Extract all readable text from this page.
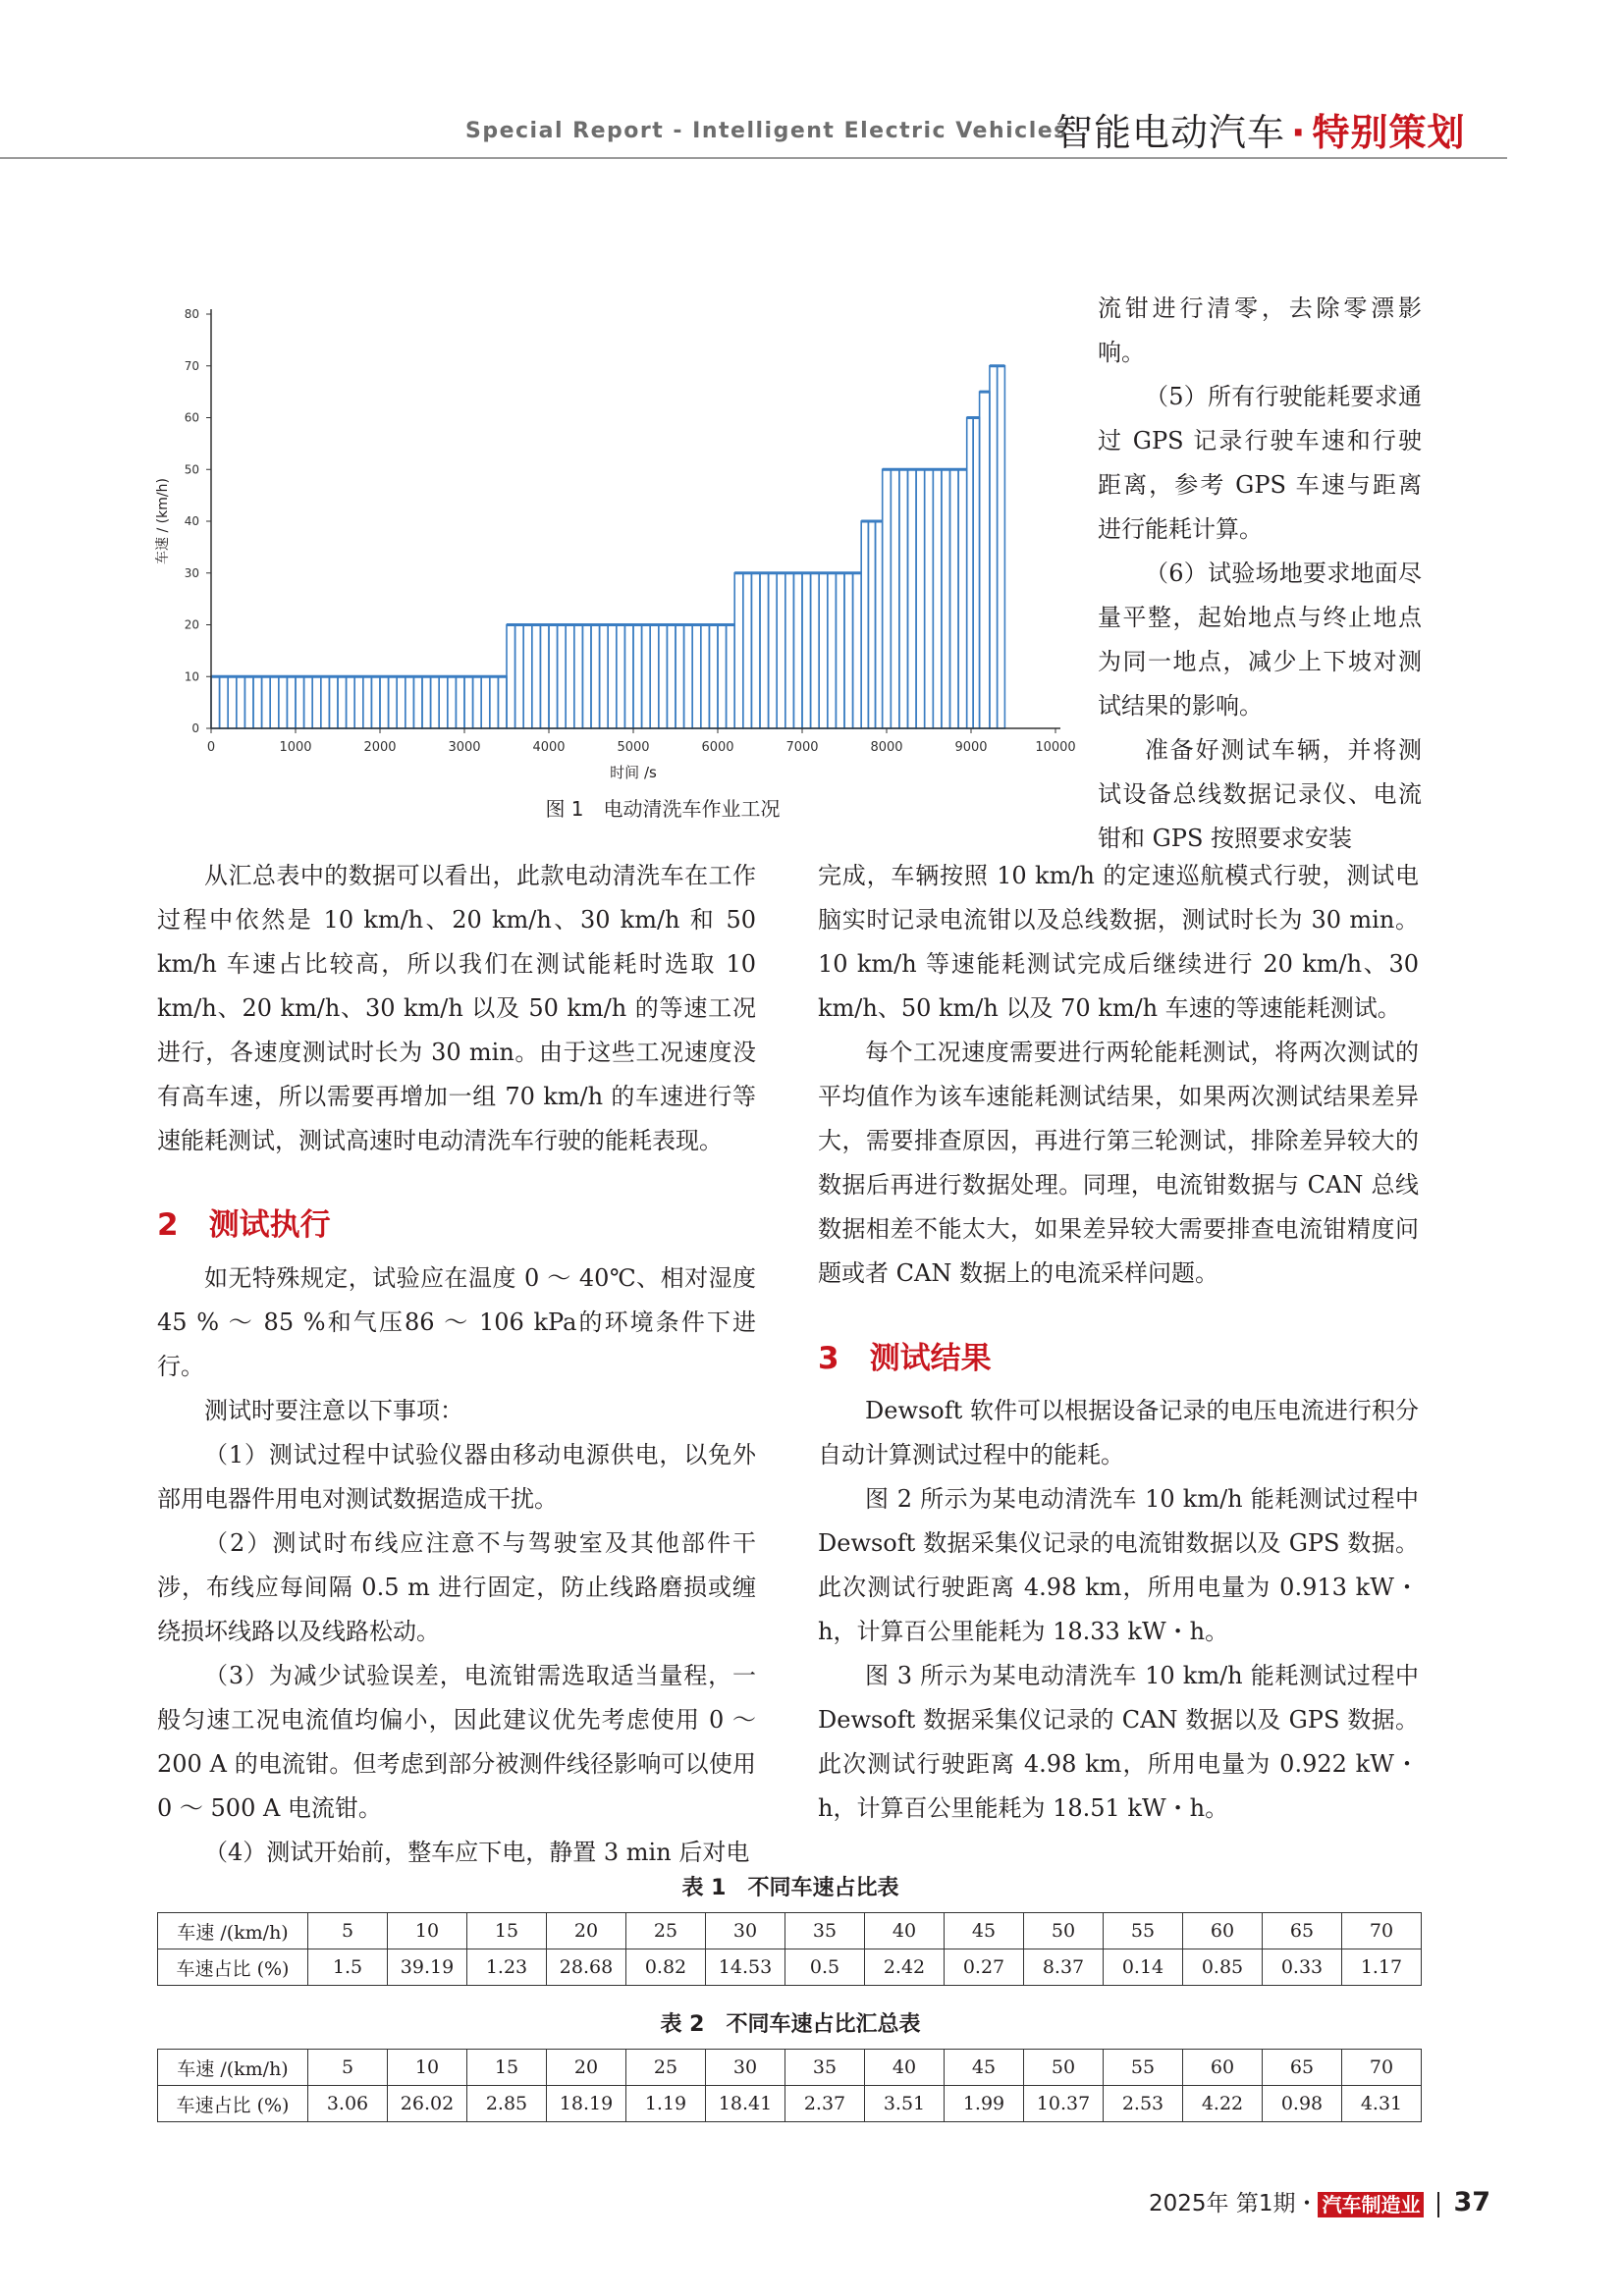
Special Report - Intelligent Electric Vehicles
智能电动汽车 · 特别策划
0	1000	2000	3000	4000	5000	6000	7000	8000	9000	10000
0
10
20
30
40
50
60
70
80
时间 /s
车速 / (km/h)
图 1　电动清洗车作业工况

流钳进行清零，去除零漂影响。

（5）所有行驶能耗要求通过 GPS 记录行驶车速和行驶距离，参考 GPS 车速与距离进行能耗计算。

（6）试验场地要求地面尽量平整，起始地点与终止地点为同一地点，减少上下坡对测试结果的影响。

准备好测试车辆，并将测试设备总线数据记录仪、电流钳和 GPS 按照要求安装

从汇总表中的数据可以看出，此款电动清洗车在工作过程中依然是 10 km/h、20 km/h、30 km/h 和 50 km/h 车速占比较高，所以我们在测试能耗时选取 10 km/h、20 km/h、30 km/h 以及 50 km/h 的等速工况进行，各速度测试时长为 30 min。由于这些工况速度没有高车速，所以需要再增加一组 70 km/h 的车速进行等速能耗测试，测试高速时电动清洗车行驶的能耗表现。

2　测试执行

如无特殊规定，试验应在温度 0 ～ 40℃、相对湿度45 % ～ 85 %和气压86 ～ 106 kPa的环境条件下进行。

测试时要注意以下事项：

（1）测试过程中试验仪器由移动电源供电，以免外部用电器件用电对测试数据造成干扰。

（2）测试时布线应注意不与驾驶室及其他部件干涉，布线应每间隔 0.5 m 进行固定，防止线路磨损或缠绕损坏线路以及线路松动。

（3）为减少试验误差，电流钳需选取适当量程，一般匀速工况电流值均偏小，因此建议优先考虑使用 0 ～ 200 A 的电流钳。但考虑到部分被测件线径影响可以使用 0 ～ 500 A 电流钳。

（4）测试开始前，整车应下电，静置 3 min 后对电

完成，车辆按照 10 km/h 的定速巡航模式行驶，测试电脑实时记录电流钳以及总线数据，测试时长为 30 min。10 km/h 等速能耗测试完成后继续进行 20 km/h、30 km/h、50 km/h 以及 70 km/h 车速的等速能耗测试。

每个工况速度需要进行两轮能耗测试，将两次测试的平均值作为该车速能耗测试结果，如果两次测试结果差异大，需要排查原因，再进行第三轮测试，排除差异较大的数据后再进行数据处理。同理，电流钳数据与 CAN 总线数据相差不能太大，如果差异较大需要排查电流钳精度问题或者 CAN 数据上的电流采样问题。

3　测试结果

Dewsoft 软件可以根据设备记录的电压电流进行积分自动计算测试过程中的能耗。

图 2 所示为某电动清洗车 10 km/h 能耗测试过程中 Dewsoft 数据采集仪记录的电流钳数据以及 GPS 数据。此次测试行驶距离 4.98 km，所用电量为 0.913 kW・h，计算百公里能耗为 18.33 kW・h。

图 3 所示为某电动清洗车 10 km/h 能耗测试过程中 Dewsoft 数据采集仪记录的 CAN 数据以及 GPS 数据。此次测试行驶距离 4.98 km，所用电量为 0.922 kW・h，计算百公里能耗为 18.51 kW・h。

表 1　不同车速占比表
车速 /(km/h)	5	10	15	20	25	30	35	40	45	50	55	60	65	70
车速占比 (%)	1.5	39.19	1.23	28.68	0.82	14.53	0.5	2.42	0.27	8.37	0.14	0.85	0.33	1.17
表 2　不同车速占比汇总表
车速 /(km/h)	5	10	15	20	25	30	35	40	45	50	55	60	65	70
车速占比 (%)	3.06	26.02	2.85	18.19	1.19	18.41	2.37	3.51	1.99	10.37	2.53	4.22	0.98	4.31
2025年 第1期・ 汽车制造业 37
